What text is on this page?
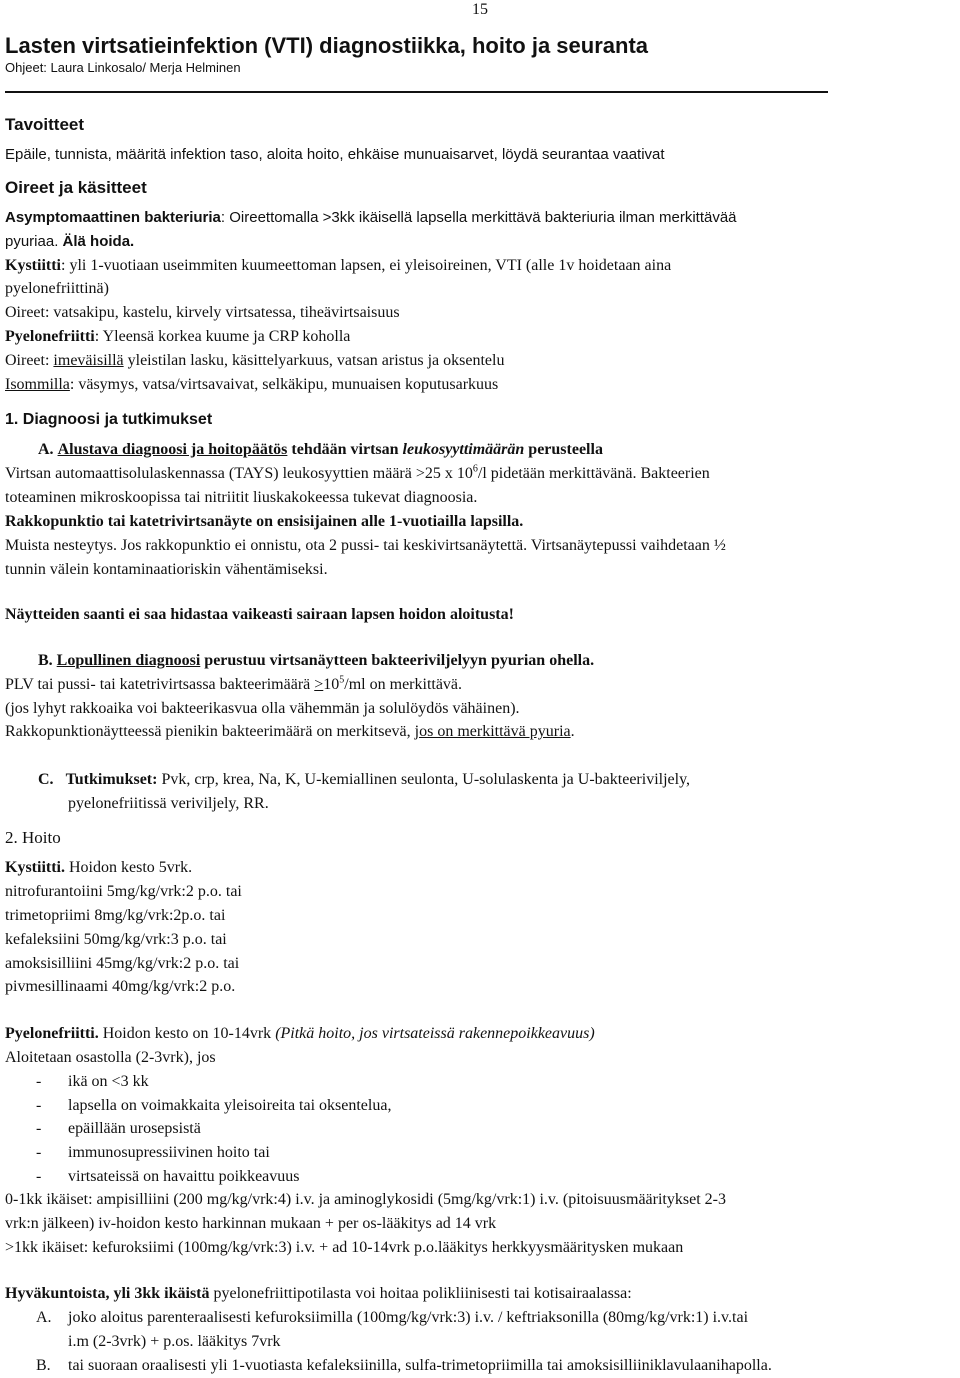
15
Lasten virtsatieinfektion (VTI) diagnostiikka, hoito ja seuranta
Ohjeet: Laura Linkosalo/ Merja Helminen
Tavoitteet
Epäile, tunnista, määritä infektion taso, aloita hoito, ehkäise munuaisarvet, löydä seurantaa vaativat
Oireet ja käsitteet
Asymptomaattinen bakteriuria: Oireettomalla >3kk ikäisellä lapsella merkittävä bakteriuria ilman merkittävää
pyuriaa. Älä hoida.
Kystiitti: yli 1-vuotiaan useimmiten kuumeettoman lapsen, ei yleisoireinen, VTI (alle 1v hoidetaan aina
pyelonefriittinä)
Oireet: vatsakipu, kastelu, kirvely virtsatessa, tiheävirtsaisuus
Pyelonefriitti: Yleensä korkea kuume ja CRP koholla
Oireet: imeväisillä yleistilan lasku, käsittelyarkuus, vatsan aristus ja oksentelu
Isommilla: väsymys, vatsa/virtsavaivat, selkäkipu, munuaisen koputusarkuus
1. Diagnoosi ja tutkimukset
A. Alustava diagnoosi ja hoitopäätös tehdään virtsan leukosyyttimäärän perusteella
Virtsan automaattisolulaskennassa (TAYS) leukosyyttien määrä >25 x $10^6/l$ pidetään merkittävänä. Bakteerien
toteaminen mikroskoopissa tai nitriitit liuskakokeessa tukevat diagnoosia.
Rakkopunktio tai katetrivirtsanäyte on ensisijainen alle 1-vuotiailla lapsilla.
Muista nesteytys. Jos rakkopunktio ei onnistu, ota 2 pussi- tai keskivirtsanäytettä. Virtsanäytepussi vaihdetaan ½
tunnin välein kontaminaatioriskin vähentämiseksi.
Näytteiden saanti ei saa hidastaa vaikeasti sairaan lapsen hoidon aloitusta!
B. Lopullinen diagnoosi perustuu virtsanäytteen bakteeriviljelyyn pyurian ohella.
PLV tai pussi- tai katetrivirtsassa bakteerimäärä $>10^5/ml$ on merkittävä.
(jos lyhyt rakkoaika voi bakteerikasvua olla vähemmän ja solulöydös vähäinen).
Rakkopunktionäytteessä pienikin bakteerimäärä on merkitsevä, jos on merkittävä pyuria.
C. Tutkimukset: Pvk, crp, krea, Na, K, U-kemiallinen seulonta, U-solulaskenta ja U-bakteeriviljely,
pyelonefriitissä veriviljely, RR.
2. Hoito
Kystiitti. Hoidon kesto 5vrk.
nitrofurantoiini 5mg/kg/vrk:2 p.o. tai
trimetopriimi 8mg/kg/vrk:2p.o. tai
kefaleksiini 50mg/kg/vrk:3 p.o. tai
amoksisilliini 45mg/kg/vrk:2 p.o. tai
pivmesillinaami 40mg/kg/vrk:2 p.o.
Pyelonefriitti. Hoidon kesto on 10-14vrk (Pitkä hoito, jos virtsateissä rakennepoikkeavuus)
Aloitetaan osastolla (2-3vrk), jos
- ikä on <3 kk
- lapsella on voimakkaita yleisoireita tai oksentelua,
- epäillään urosepsistä
- immunosupressiivinen hoito tai
- virtsateissä on havaittu poikkeavuus
0-1kk ikäiset: ampisilliini (200 mg/kg/vrk:4) i.v. ja aminoglykosidi (5mg/kg/vrk:1) i.v. (pitoisuusmääritykset 2-3
vrk:n jälkeen) iv-hoidon kesto harkinnan mukaan + per os-lääkitys ad 14 vrk
>1kk ikäiset: kefuroksiimi (100mg/kg/vrk:3) i.v. + ad 10-14vrk p.o.lääkitys herkkyysmääritysken mukaan
Hyväkuntoista, yli 3kk ikäistä pyelonefriittipotilasta voi hoitaa polikliinisesti tai kotisairaalassa:
A. joko aloitus parenteraalisesti kefuroksiimilla (100mg/kg/vrk:3) i.v. / keftriaksonilla (80mg/kg/vrk:1) i.v.tai
i.m (2-3vrk) + p.os. lääkitys 7vrk
B. tai suoraan oraalisesti yli 1-vuotiasta kefaleksiinilla, sulfa-trimetopriimilla tai amoksisilliiniklavulaanihapolla.
